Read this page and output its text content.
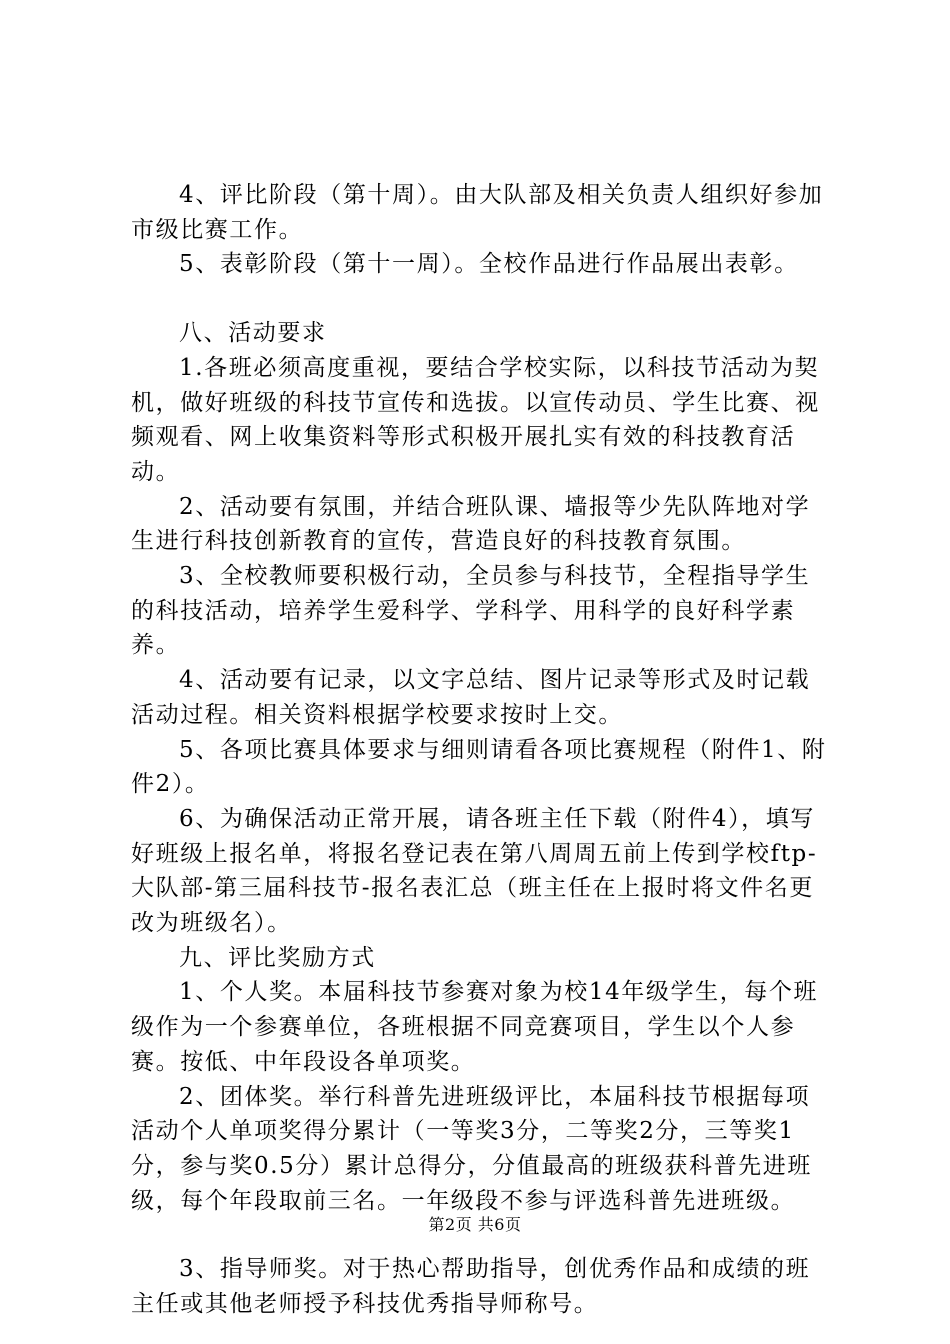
4、评比阶段（第十周）。由大队部及相关负责人组织好参加市级比赛工作。

5、表彰阶段（第十一周）。全校作品进行作品展出表彰。

八、活动要求

1.各班必须高度重视，要结合学校实际，以科技节活动为契机，做好班级的科技节宣传和选拔。以宣传动员、学生比赛、视频观看、网上收集资料等形式积极开展扎实有效的科技教育活动。

2、活动要有氛围，并结合班队课、墙报等少先队阵地对学生进行科技创新教育的宣传，营造良好的科技教育氛围。

3、全校教师要积极行动，全员参与科技节，全程指导学生的科技活动，培养学生爱科学、学科学、用科学的良好科学素养。

4、活动要有记录，以文字总结、图片记录等形式及时记载活动过程。相关资料根据学校要求按时上交。

5、各项比赛具体要求与细则请看各项比赛规程（附件1、附件2）。

6、为确保活动正常开展，请各班主任下载（附件4），填写好班级上报名单，将报名登记表在第八周周五前上传到学校ftp-大队部-第三届科技节-报名表汇总（班主任在上报时将文件名更改为班级名）。

九、评比奖励方式

1、个人奖。本届科技节参赛对象为校14年级学生，每个班级作为一个参赛单位，各班根据不同竞赛项目，学生以个人参赛。按低、中年段设各单项奖。

2、团体奖。举行科普先进班级评比，本届科技节根据每项活动个人单项奖得分累计（一等奖3分，二等奖2分，三等奖1分，参与奖0.5分）累计总得分，分值最高的班级获科普先进班级，每个年段取前三名。一年级段不参与评选科普先进班级。

3、指导师奖。对于热心帮助指导，创优秀作品和成绩的班主任或其他老师授予科技优秀指导师称号。

第2页 共6页
